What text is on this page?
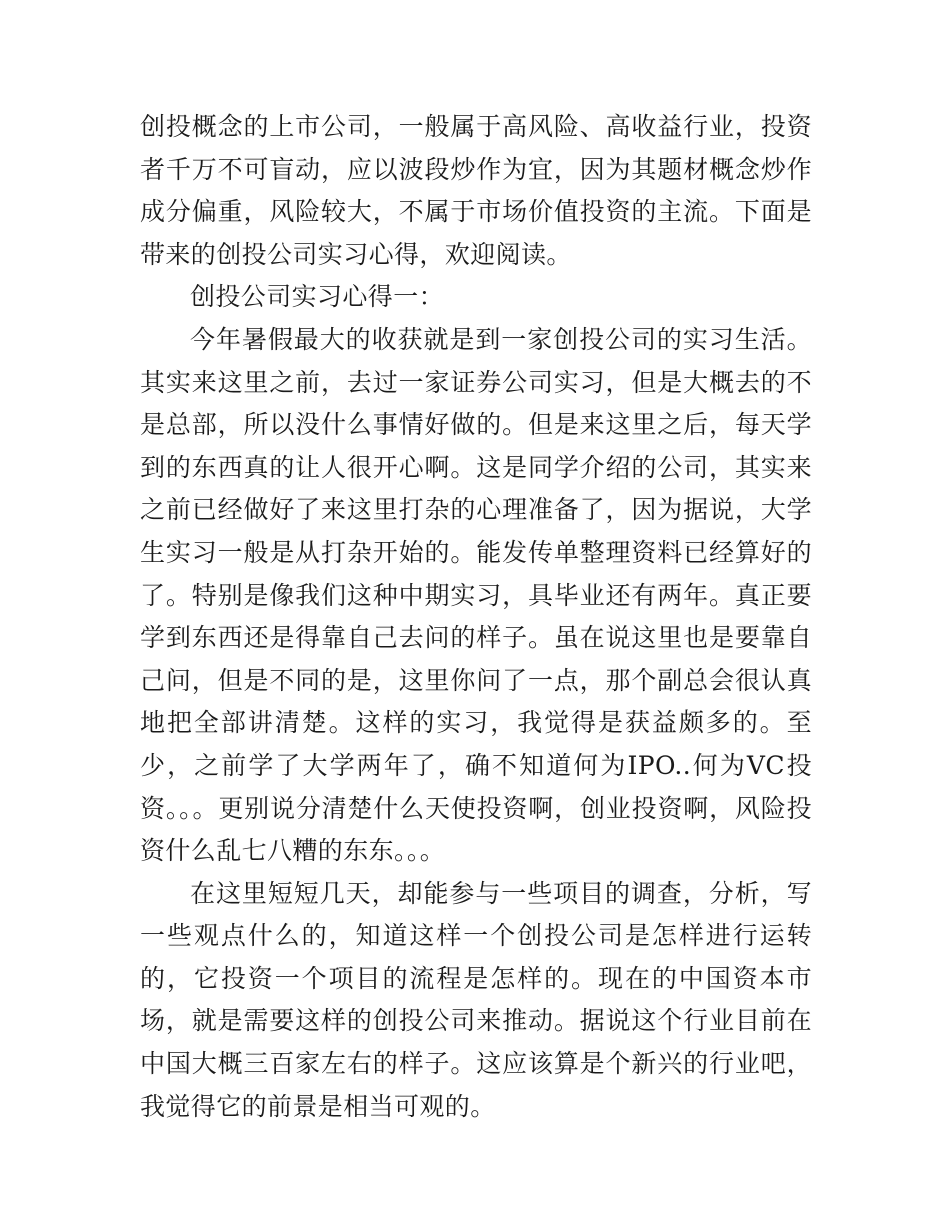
创投概念的上市公司，一般属于高风险、高收益行业，投资者千万不可盲动，应以波段炒作为宜，因为其题材概念炒作成分偏重，风险较大，不属于市场价值投资的主流。下面是带来的创投公司实习心得，欢迎阅读。

创投公司实习心得一：

今年暑假最大的收获就是到一家创投公司的实习生活。其实来这里之前，去过一家证券公司实习，但是大概去的不是总部，所以没什么事情好做的。但是来这里之后，每天学到的东西真的让人很开心啊。这是同学介绍的公司，其实来之前已经做好了来这里打杂的心理准备了，因为据说，大学生实习一般是从打杂开始的。能发传单整理资料已经算好的了。特别是像我们这种中期实习，具毕业还有两年。真正要学到东西还是得靠自己去问的样子。虽在说这里也是要靠自己问，但是不同的是，这里你问了一点，那个副总会很认真地把全部讲清楚。这样的实习，我觉得是获益颇多的。至少，之前学了大学两年了，确不知道何为IPO..何为VC投资。。。更别说分清楚什么天使投资啊，创业投资啊，风险投资什么乱七八糟的东东。。。

在这里短短几天，却能参与一些项目的调查，分析，写一些观点什么的，知道这样一个创投公司是怎样进行运转的，它投资一个项目的流程是怎样的。现在的中国资本市场，就是需要这样的创投公司来推动。据说这个行业目前在中国大概三百家左右的样子。这应该算是个新兴的行业吧，我觉得它的前景是相当可观的。
